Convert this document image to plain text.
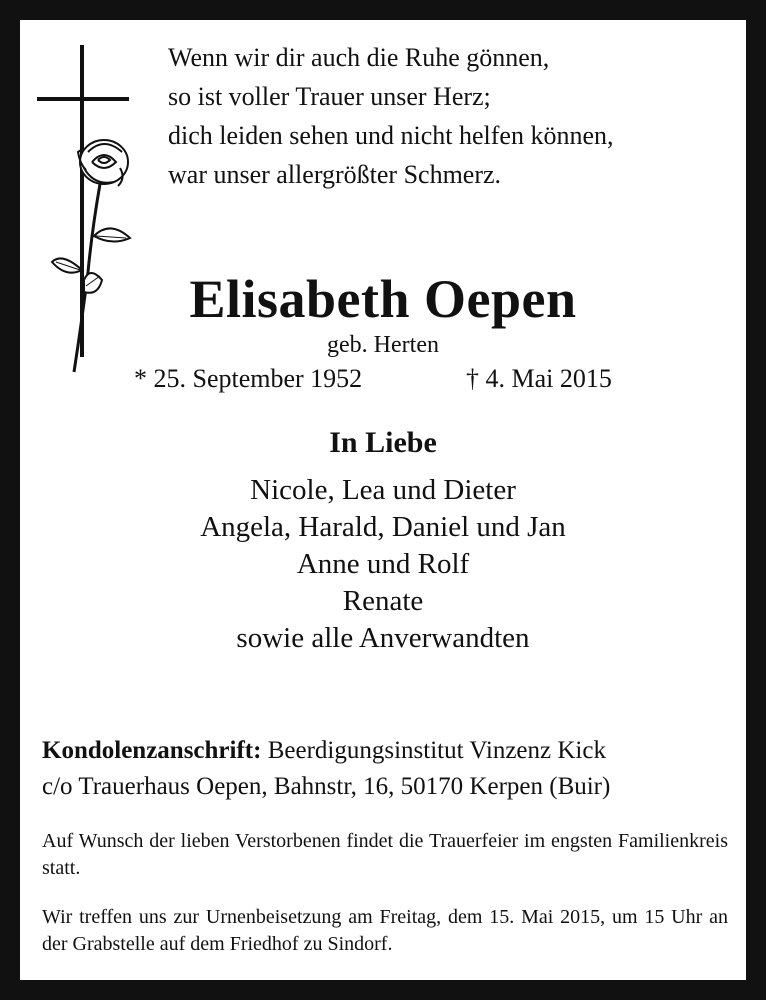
Wenn wir dir auch die Ruhe gönnen,
so ist voller Trauer unser Herz;
dich leiden sehen und nicht helfen können,
war unser allergrößter Schmerz.
Elisabeth Oepen
geb. Herten
* 25. September 1952	† 4. Mai 2015
In Liebe
Nicole, Lea und Dieter
Angela, Harald, Daniel und Jan
Anne und Rolf
Renate
sowie alle Anverwandten
Kondolenzanschrift: Beerdigungsinstitut Vinzenz Kick
c/o Trauerhaus Oepen, Bahnstr, 16, 50170 Kerpen (Buir)
Auf Wunsch der lieben Verstorbenen findet die Trauerfeier im engsten Familienkreis statt.
Wir treffen uns zur Urnenbeisetzung am Freitag, dem 15. Mai 2015, um 15 Uhr an der Grabstelle auf dem Friedhof zu Sindorf.
